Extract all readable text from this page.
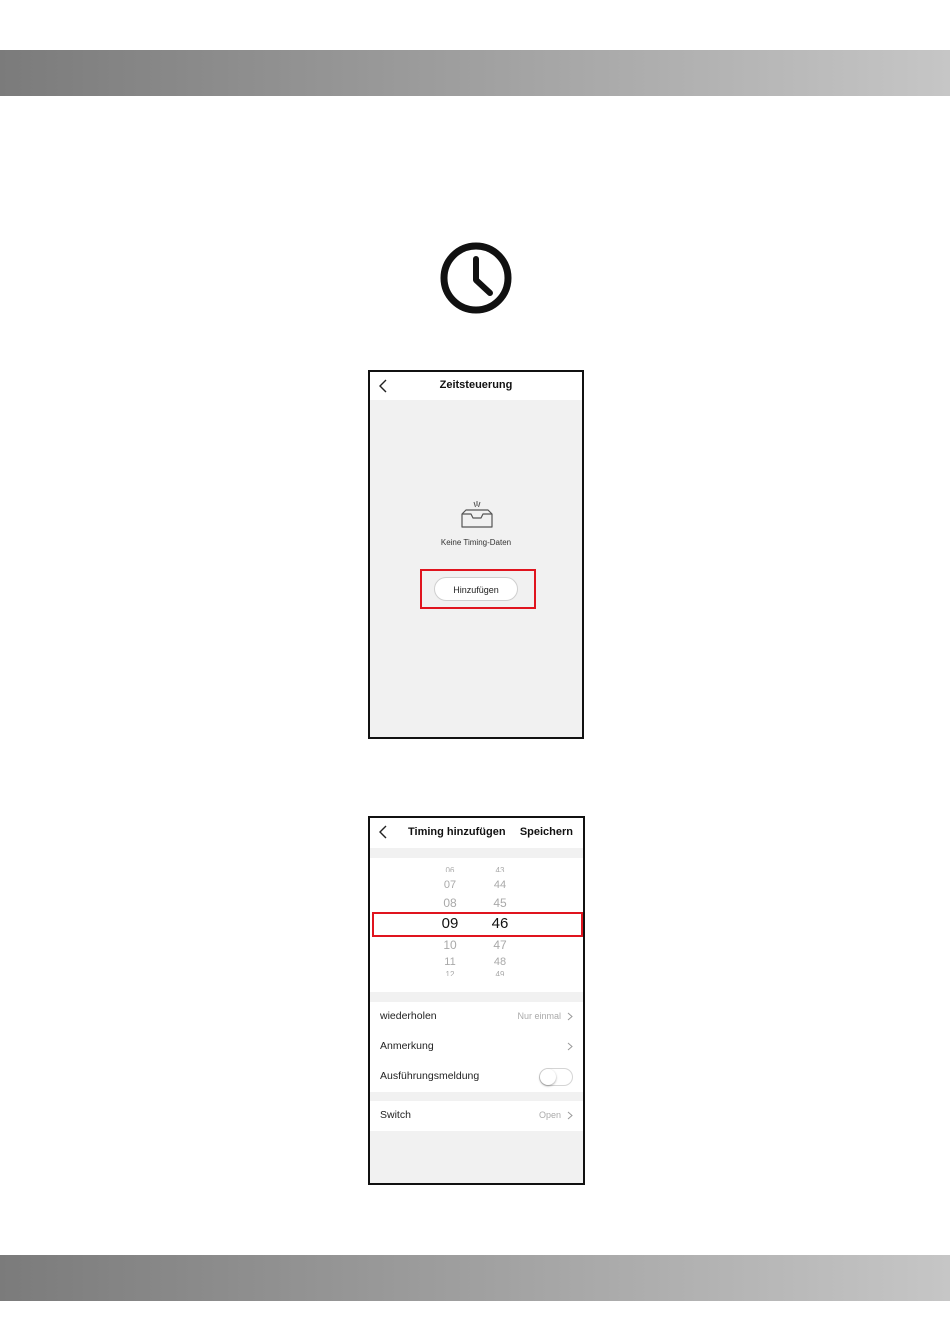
Zeitsteuerung
Keine Timing-Daten
Hinzufügen
Timing hinzufügen Speichern
06
07
08
09
10
11
12
43
44
45
46
47
48
49
wiederholen	Nur einmal
Anmerkung
Ausführungsmeldung
Switch	Open
